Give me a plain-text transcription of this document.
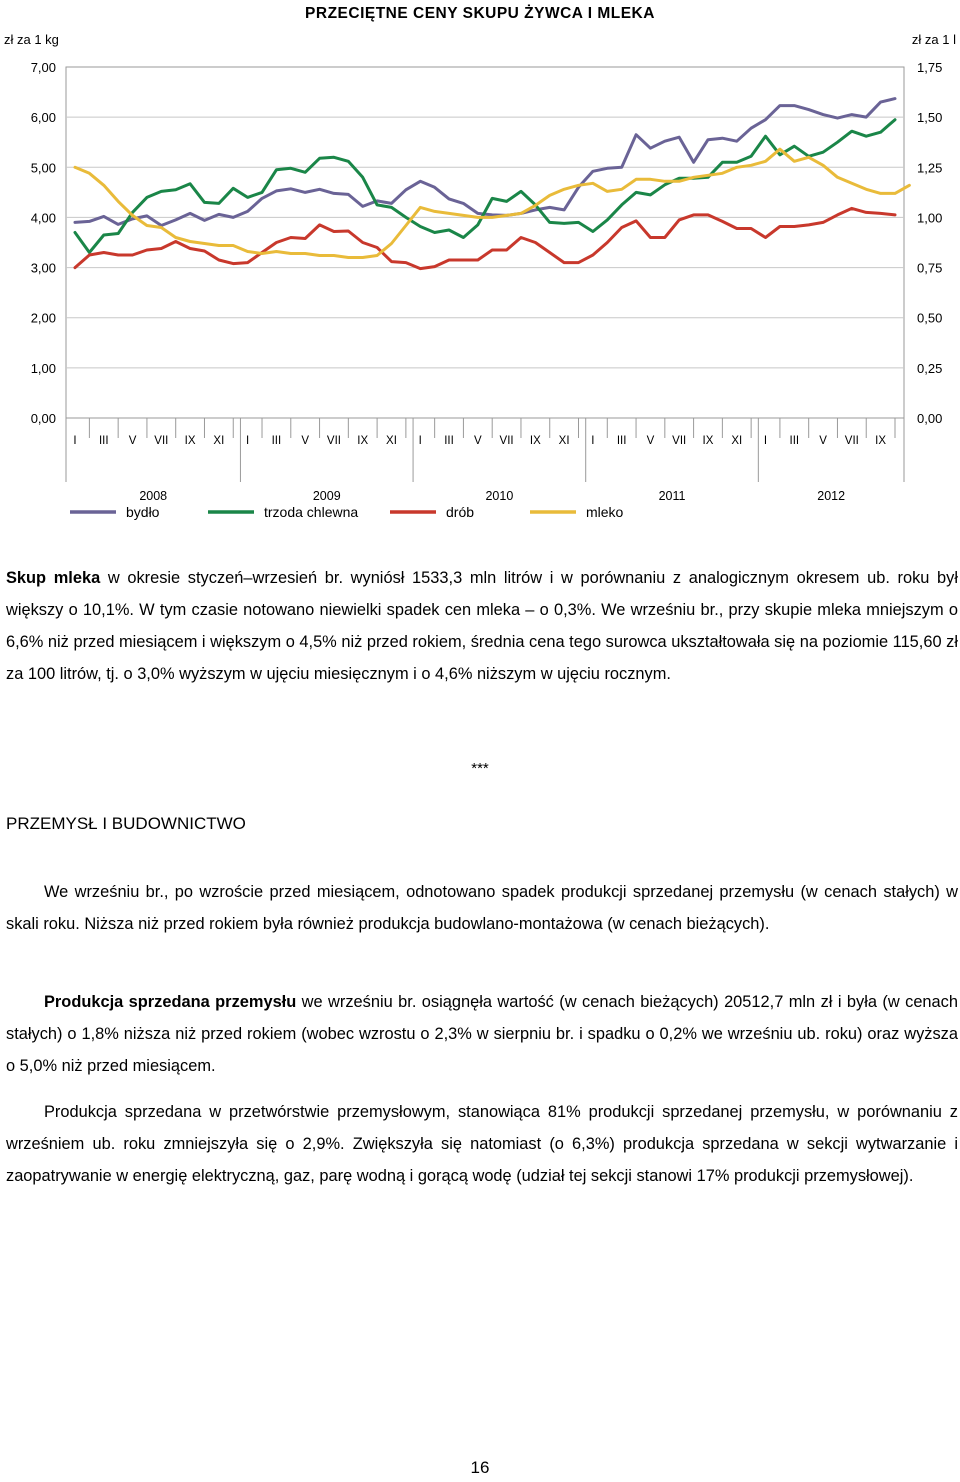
PRZECIĘTNE CENY SKUPU ŻYWCA I MLEKA
zł za 1 kg	zł za 1 l
0,00
1,00
2,00
3,00
4,00
5,00
6,00
7,00
0,00
0,25
0,50
0,75
1,00
1,25
1,50
1,75
I III V VII IX XI I III V VII IX XI I III V VII IX XI I III V VII IX XI I III V VII IX
2008	2009	2010	2011	2012
bydło	trzoda chlewna	drób	mleko

Skup mleka w okresie styczeń–wrzesień br. wyniósł 1533,3 mln litrów i w porównaniu z analogicznym okresem ub. roku był większy o 10,1%. W tym czasie notowano niewielki spadek cen mleka – o 0,3%. We wrześniu br., przy skupie mleka mniejszym o 6,6% niż przed miesiącem i większym o 4,5% niż przed rokiem, średnia cena tego surowca ukształtowała się na poziomie 115,60 zł za 100 litrów, tj. o 3,0% wyższym w ujęciu miesięcznym i o 4,6% niższym w ujęciu rocznym.

***
PRZEMYSŁ I BUDOWNICTWO

We wrześniu br., po wzroście przed miesiącem, odnotowano spadek produkcji sprzedanej przemysłu (w cenach stałych) w skali roku. Niższa niż przed rokiem była również produkcja budowlano-montażowa (w cenach bieżących).

Produkcja sprzedana przemysłu we wrześniu br. osiągnęła wartość (w cenach bieżących) 20512,7 mln zł i była (w cenach stałych) o 1,8% niższa niż przed rokiem (wobec wzrostu o 2,3% w sierpniu br. i spadku o 0,2% we wrześniu ub. roku) oraz wyższa o 5,0% niż przed miesiącem.

Produkcja sprzedana w przetwórstwie przemysłowym, stanowiąca 81% produkcji sprzedanej przemysłu, w porównaniu z wrześniem ub. roku zmniejszyła się o 2,9%. Zwiększyła się natomiast (o 6,3%) produkcja sprzedana w sekcji wytwarzanie i zaopatrywanie w energię elektryczną, gaz, parę wodną i gorącą wodę (udział tej sekcji stanowi 17% produkcji przemysłowej).

16
